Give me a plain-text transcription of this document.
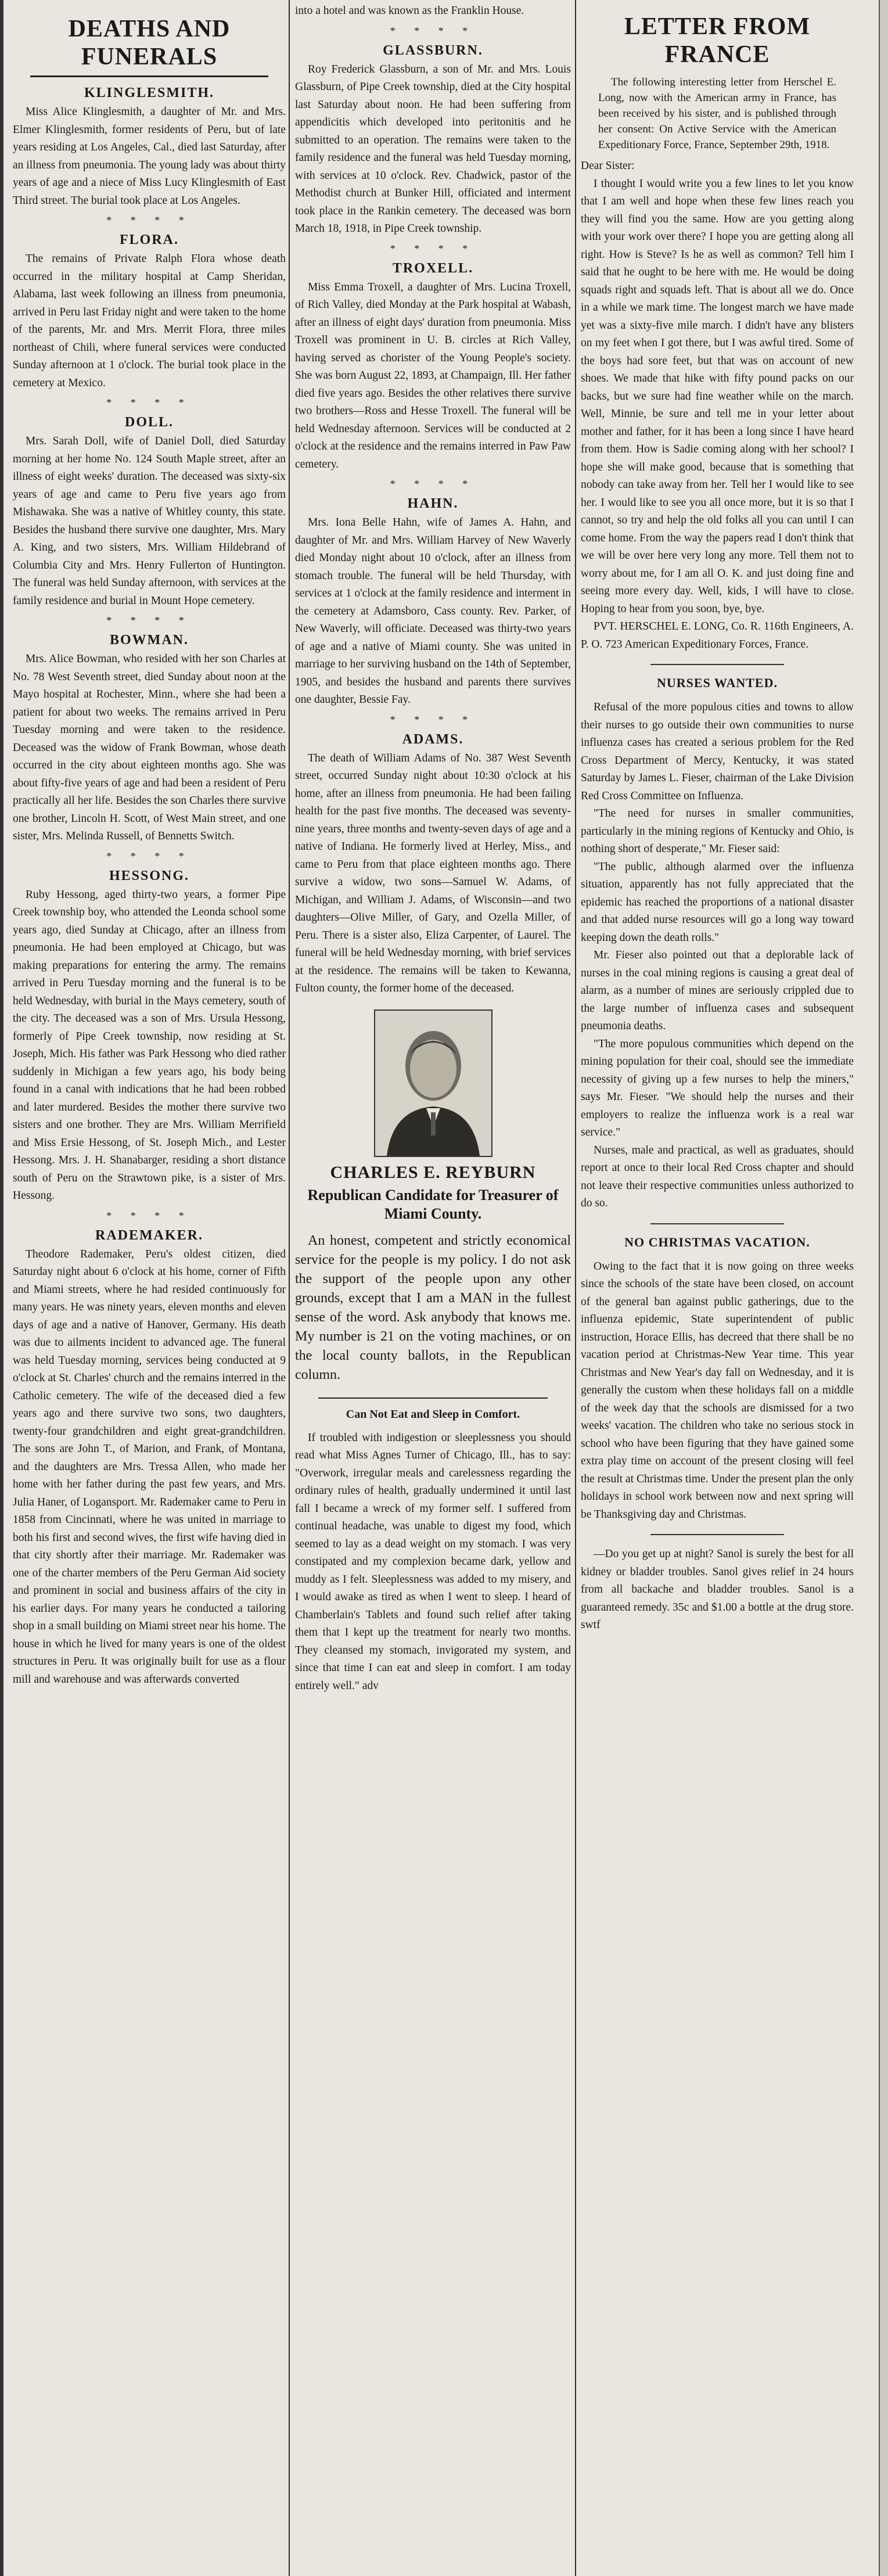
DEATHS AND FUNERALS
KLINGLESMITH.

Miss Alice Klinglesmith, a daughter of Mr. and Mrs. Elmer Klinglesmith, former residents of Peru, but of late years residing at Los Angeles, Cal., died last Saturday, after an illness from pneumonia. The young lady was about thirty years of age and a niece of Miss Lucy Klinglesmith of East Third street. The burial took place at Los Angeles.

* * * *
FLORA.

The remains of Private Ralph Flora whose death occurred in the military hospital at Camp Sheridan, Alabama, last week following an illness from pneumonia, arrived in Peru last Friday night and were taken to the home of the parents, Mr. and Mrs. Merrit Flora, three miles northeast of Chili, where funeral services were conducted Sunday afternoon at 1 o'clock. The burial took place in the cemetery at Mexico.

* * * *
DOLL.

Mrs. Sarah Doll, wife of Daniel Doll, died Saturday morning at her home No. 124 South Maple street, after an illness of eight weeks' duration. The deceased was sixty-six years of age and came to Peru five years ago from Mishawaka. She was a native of Whitley county, this state. Besides the husband there survive one daughter, Mrs. Mary A. King, and two sisters, Mrs. William Hildebrand of Columbia City and Mrs. Henry Fullerton of Huntington. The funeral was held Sunday afternoon, with services at the family residence and burial in Mount Hope cemetery.

* * * *
BOWMAN.

Mrs. Alice Bowman, who resided with her son Charles at No. 78 West Seventh street, died Sunday about noon at the Mayo hospital at Rochester, Minn., where she had been a patient for about two weeks. The remains arrived in Peru Tuesday morning and were taken to the residence. Deceased was the widow of Frank Bowman, whose death occurred in the city about eighteen months ago. She was about fifty-five years of age and had been a resident of Peru practically all her life. Besides the son Charles there survive one brother, Lincoln H. Scott, of West Main street, and one sister, Mrs. Melinda Russell, of Bennetts Switch.

* * * *
HESSONG.

Ruby Hessong, aged thirty-two years, a former Pipe Creek township boy, who attended the Leonda school some years ago, died Sunday at Chicago, after an illness from pneumonia. He had been employed at Chicago, but was making preparations for entering the army. The remains arrived in Peru Tuesday morning and the funeral is to be held Wednesday, with burial in the Mays cemetery, south of the city. The deceased was a son of Mrs. Ursula Hessong, formerly of Pipe Creek township, now residing at St. Joseph, Mich. His father was Park Hessong who died rather suddenly in Michigan a few years ago, his body being found in a canal with indications that he had been robbed and later murdered. Besides the mother there survive two sisters and one brother. They are Mrs. William Merrifield and Miss Ersie Hessong, of St. Joseph Mich., and Lester Hessong. Mrs. J. H. Shanabarger, residing a short distance south of Peru on the Strawtown pike, is a sister of Mrs. Hessong.

* * * *
RADEMAKER.

Theodore Rademaker, Peru's oldest citizen, died Saturday night about 6 o'clock at his home, corner of Fifth and Miami streets, where he had resided continuously for many years. He was ninety years, eleven months and eleven days of age and a native of Hanover, Germany. His death was due to ailments incident to advanced age. The funeral was held Tuesday morning, services being conducted at 9 o'clock at St. Charles' church and the remains interred in the Catholic cemetery. The wife of the deceased died a few years ago and there survive two sons, two daughters, twenty-four grandchildren and eight great-grandchildren. The sons are John T., of Marion, and Frank, of Montana, and the daughters are Mrs. Tressa Allen, who made her home with her father during the past few years, and Mrs. Julia Haner, of Logansport. Mr. Rademaker came to Peru in 1858 from Cincinnati, where he was united in marriage to both his first and second wives, the first wife having died in that city shortly after their marriage. Mr. Rademaker was one of the charter members of the Peru German Aid society and prominent in social and business affairs of the city in his earlier days. For many years he conducted a tailoring shop in a small building on Miami street near his home. The house in which he lived for many years is one of the oldest structures in Peru. It was originally built for use as a flour mill and warehouse and was afterwards converted

into a hotel and was known as the Franklin House.
* * * *
GLASSBURN.

Roy Frederick Glassburn, a son of Mr. and Mrs. Louis Glassburn, of Pipe Creek township, died at the City hospital last Saturday about noon. He had been suffering from appendicitis which developed into peritonitis and he submitted to an operation. The remains were taken to the family residence and the funeral was held Tuesday morning, with services at 10 o'clock. Rev. Chadwick, pastor of the Methodist church at Bunker Hill, officiated and interment took place in the Rankin cemetery. The deceased was born March 18, 1918, in Pipe Creek township.

* * * *
TROXELL.

Miss Emma Troxell, a daughter of Mrs. Lucina Troxell, of Rich Valley, died Monday at the Park hospital at Wabash, after an illness of eight days' duration from pneumonia. Miss Troxell was prominent in U. B. circles at Rich Valley, having served as chorister of the Young People's society. She was born August 22, 1893, at Champaign, Ill. Her father died five years ago. Besides the other relatives there survive two brothers—Ross and Hesse Troxell. The funeral will be held Wednesday afternoon. Services will be conducted at 2 o'clock at the residence and the remains interred in Paw Paw cemetery.

* * * *
HAHN.

Mrs. Iona Belle Hahn, wife of James A. Hahn, and daughter of Mr. and Mrs. William Harvey of New Waverly died Monday night about 10 o'clock, after an illness from stomach trouble. The funeral will be held Thursday, with services at 1 o'clock at the family residence and interment in the cemetery at Adamsboro, Cass county. Rev. Parker, of New Waverly, will officiate. Deceased was thirty-two years of age and a native of Miami county. She was united in marriage to her surviving husband on the 14th of September, 1905, and besides the husband and parents there survives one daughter, Bessie Fay.

* * * *
ADAMS.

The death of William Adams of No. 387 West Seventh street, occurred Sunday night about 10:30 o'clock at his home, after an illness from pneumonia. He had been failing health for the past five months. The deceased was seventy-nine years, three months and twenty-seven days of age and a native of Indiana. He formerly lived at Herley, Miss., and came to Peru from that place eighteen months ago. There survive a widow, two sons—Samuel W. Adams, of Michigan, and William J. Adams, of Wisconsin—and two daughters—Olive Miller, of Gary, and Ozella Miller, of Peru. There is a sister also, Eliza Carpenter, of Laurel. The funeral will be held Wednesday morning, with brief services at the residence. The remains will be taken to Kewanna, Fulton county, the former home of the deceased.

CHARLES E. REYBURN
Republican Candidate for Treasurer of Miami County.

An honest, competent and strictly economical service for the people is my policy. I do not ask the support of the people upon any other grounds, except that I am a MAN in the fullest sense of the word. Ask anybody that knows me. My number is 21 on the voting machines, or on the local county ballots, in the Republican column.

Can Not Eat and Sleep in Comfort.

If troubled with indigestion or sleeplessness you should read what Miss Agnes Turner of Chicago, Ill., has to say: "Overwork, irregular meals and carelessness regarding the ordinary rules of health, gradually undermined it until last fall I became a wreck of my former self. I suffered from continual headache, was unable to digest my food, which seemed to lay as a dead weight on my stomach. I was very constipated and my complexion became dark, yellow and muddy as I felt. Sleeplessness was added to my misery, and I would awake as tired as when I went to sleep. I heard of Chamberlain's Tablets and found such relief after taking them that I kept up the treatment for nearly two months. They cleansed my stomach, invigorated my system, and since that time I can eat and sleep in comfort. I am today entirely well." adv

LETTER FROM FRANCE
The following interesting letter from Herschel E. Long, now with the American army in France, has been received by his sister, and is published through her consent: On Active Service with the American Expeditionary Force, France, September 29th, 1918.

Dear Sister:

I thought I would write you a few lines to let you know that I am well and hope when these few lines reach you they will find you the same. How are you getting along with your work over there? I hope you are getting along all right. How is Steve? Is he as well as common? Tell him I said that he ought to be here with me. He would be doing squads right and squads left. That is about all we do. Once in a while we mark time. The longest march we have made yet was a sixty-five mile march. I didn't have any blisters on my feet when I got there, but I was awful tired. Some of the boys had sore feet, but that was on account of new shoes. We made that hike with fifty pound packs on our backs, but we sure had fine weather while on the march. Well, Minnie, be sure and tell me in your letter about mother and father, for it has been a long since I have heard from them. How is Sadie coming along with her school? I hope she will make good, because that is something that nobody can take away from her. Tell her I would like to see her. I would like to see you all once more, but it is so that I cannot, so try and help the old folks all you can until I can come home. From the way the papers read I don't think that we will be over here very long any more. Tell them not to worry about me, for I am all O. K. and just doing fine and seeing more every day. Well, kids, I will have to close. Hoping to hear from you soon, bye, bye.

PVT. HERSCHEL E. LONG, Co. R. 116th Engineers, A. P. O. 723 American Expeditionary Forces, France.

NURSES WANTED.

Refusal of the more populous cities and towns to allow their nurses to go outside their own communities to nurse influenza cases has created a serious problem for the Red Cross Department of Mercy, Kentucky, it was stated Saturday by James L. Fieser, chairman of the Lake Division Red Cross Committee on Influenza.

"The need for nurses in smaller communities, particularly in the mining regions of Kentucky and Ohio, is nothing short of desperate," Mr. Fieser said:

"The public, although alarmed over the influenza situation, apparently has not fully appreciated that the epidemic has reached the proportions of a national disaster and that added nurse resources will go a long way toward keeping down the death rolls."

Mr. Fieser also pointed out that a deplorable lack of nurses in the coal mining regions is causing a great deal of alarm, as a number of mines are seriously crippled due to the large number of influenza cases and subsequent pneumonia deaths.

"The more populous communities which depend on the mining population for their coal, should see the immediate necessity of giving up a few nurses to help the miners," says Mr. Fieser. "We should help the nurses and their employers to realize the influenza work is a real war service."

Nurses, male and practical, as well as graduates, should report at once to their local Red Cross chapter and should not leave their respective communities unless authorized to do so.

NO CHRISTMAS VACATION.

Owing to the fact that it is now going on three weeks since the schools of the state have been closed, on account of the general ban against public gatherings, due to the influenza epidemic, State superintendent of public instruction, Horace Ellis, has decreed that there shall be no vacation period at Christmas-New Year time. This year Christmas and New Year's day fall on Wednesday, and it is generally the custom when these holidays fall on a middle of the week day that the schools are dismissed for a two weeks' vacation. The children who take no serious stock in school who have been figuring that they have gained some extra play time on account of the present closing will feel the result at Christmas time. Under the present plan the only holidays in school work between now and next spring will be Thanksgiving day and Christmas.

—Do you get up at night? Sanol is surely the best for all kidney or bladder troubles. Sanol gives relief in 24 hours from all backache and bladder troubles. Sanol is a guaranteed remedy. 35c and $1.00 a bottle at the drug store. swtf
